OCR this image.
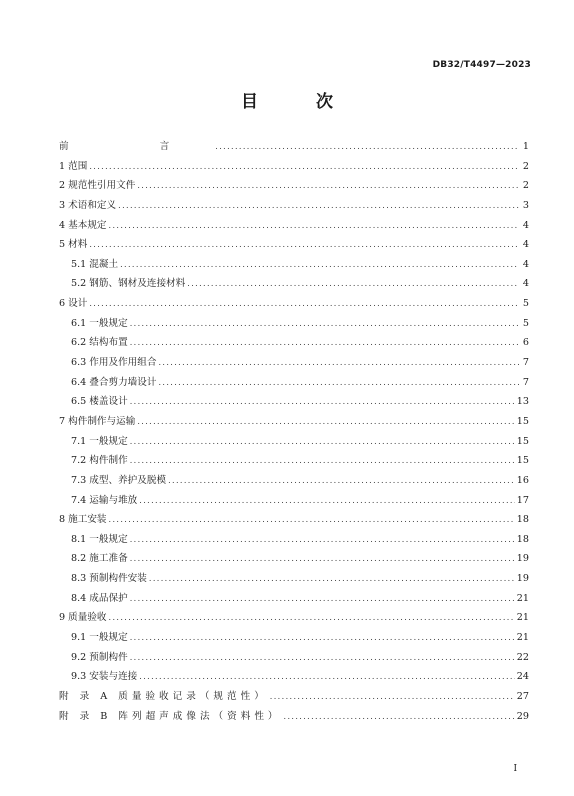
DB32/T4497—2023
目 次
前 言 .....	1
1 范围 .....	2
2 规范性引用文件 .....	2
3 术语和定义 .....	3
4 基本规定 .....	4
5 材料 .....	4
5.1 混凝土 .....	4
5.2 钢筋、钢材及连接材料 .....	4
6 设计 .....	5
6.1 一般规定 .....	5
6.2 结构布置 .....	6
6.3 作用及作用组合 .....	7
6.4 叠合剪力墙设计 .....	7
6.5 楼盖设计 .....	13
7 构件制作与运输 .....	15
7.1 一般规定 .....	15
7.2 构件制作 .....	15
7.3 成型、养护及脱模 .....	16
7.4 运输与堆放 .....	17
8 施工安装 .....	18
8.1 一般规定 .....	18
8.2 施工准备 .....	19
8.3 预制构件安装 .....	19
8.4 成品保护 .....	21
9 质量验收 .....	21
9.1 一般规定 .....	21
9.2 预制构件 .....	22
9.3 安装与连接 .....	24
附 录 A 质量验收记录（规范性） .....	27
附 录 B 阵列超声成像法（资料性） .....	29
I
